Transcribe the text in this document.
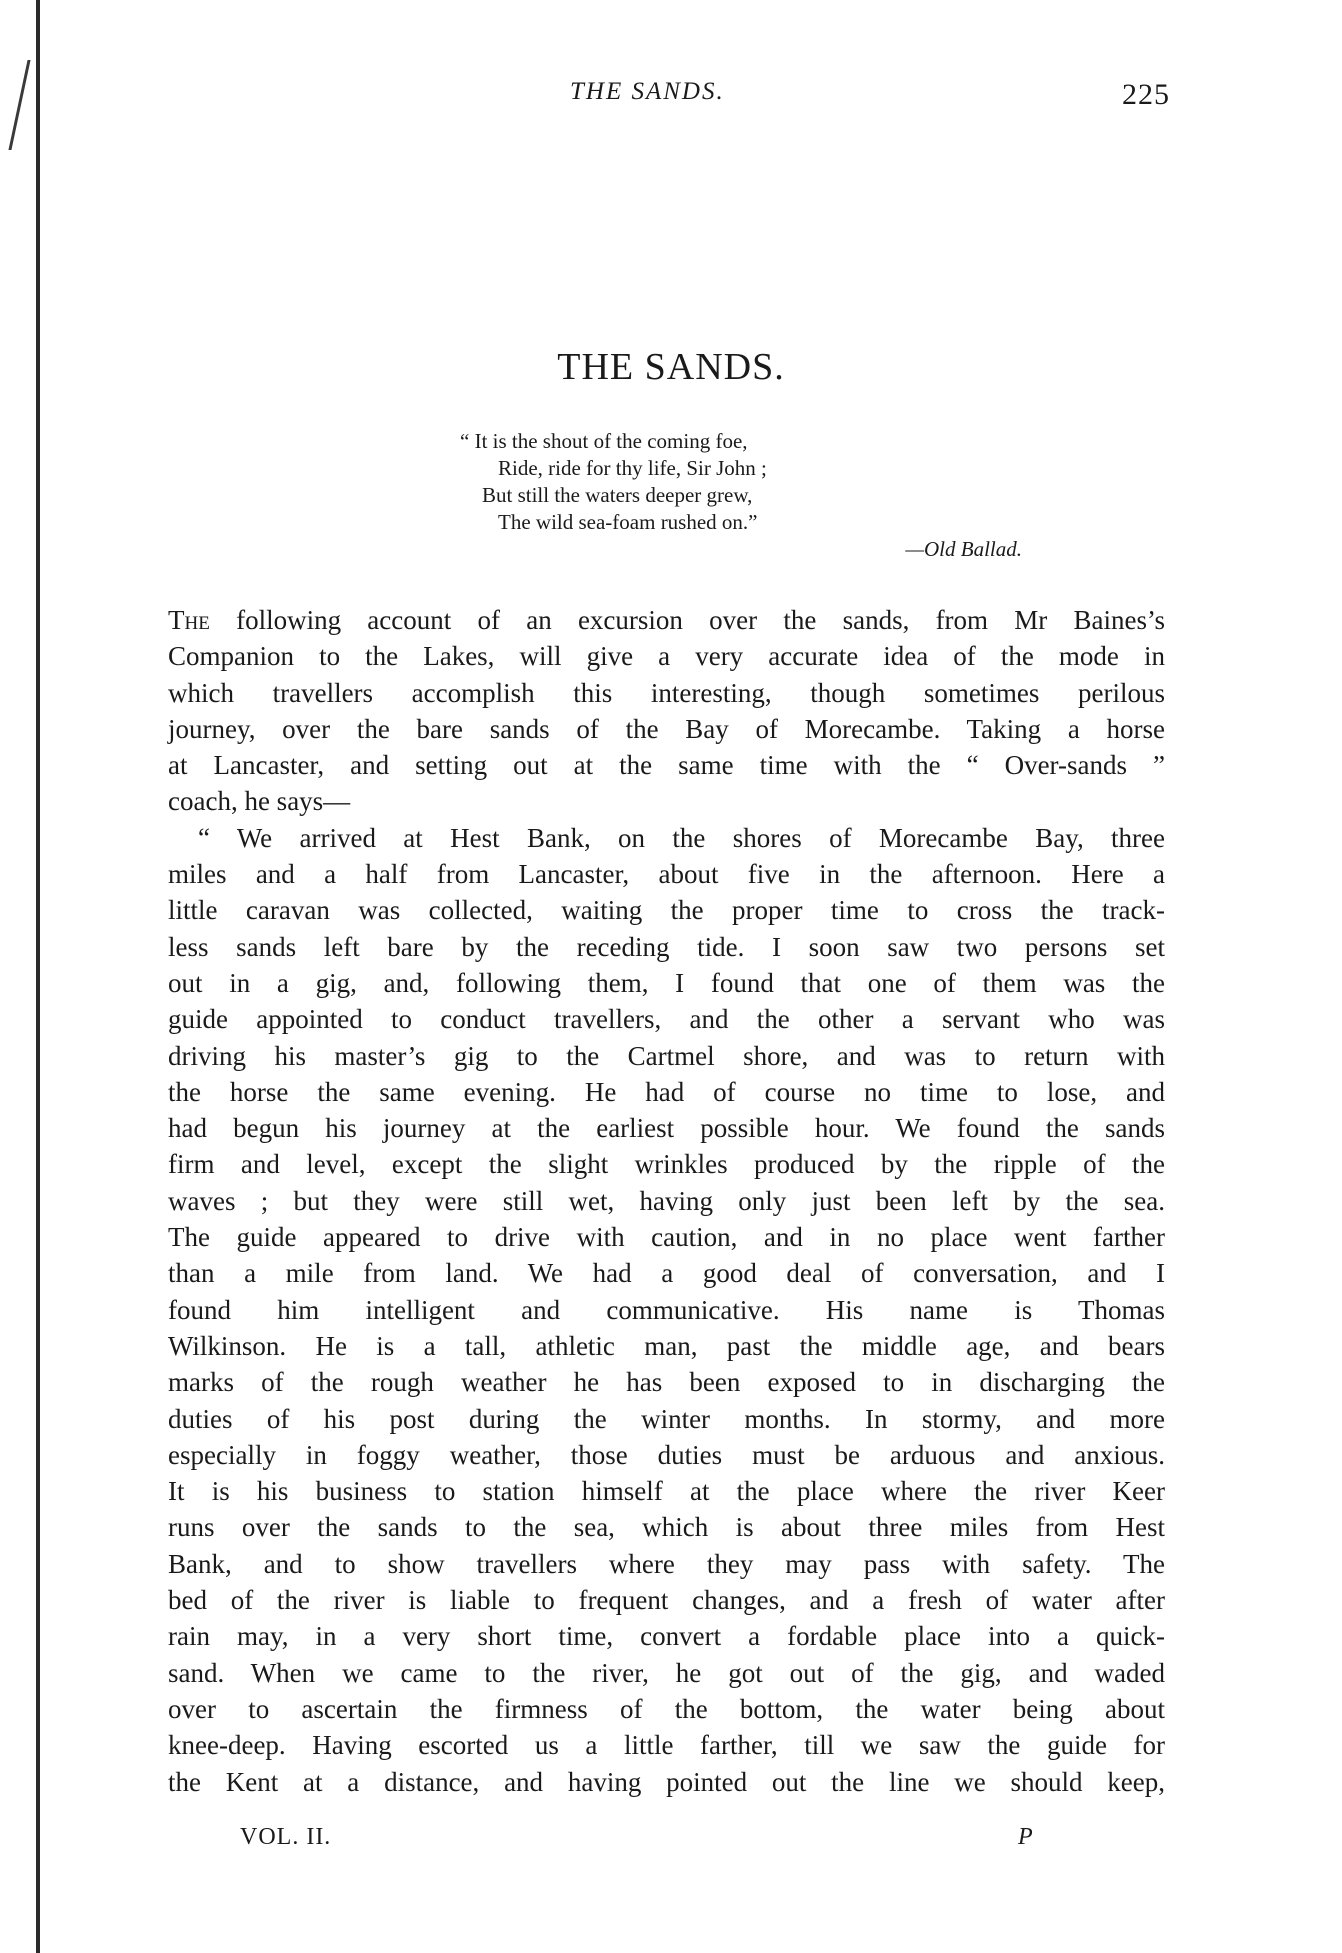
THE SANDS.	225
THE SANDS.
“ It is the shout of the coming foe,
Ride, ride for thy life, Sir John ;
But still the waters deeper grew,
The wild sea-foam rushed on.”
—Old Ballad.

The following account of an excursion over the sands, from Mr Baines’s

Companion to the Lakes, will give a very accurate idea of the mode in

which travellers accomplish this interesting, though sometimes perilous

journey, over the bare sands of the Bay of Morecambe. Taking a horse

at Lancaster, and setting out at the same time with the “ Over-sands ”

coach, he says—

“ We arrived at Hest Bank, on the shores of Morecambe Bay, three

miles and a half from Lancaster, about five in the afternoon. Here a

little caravan was collected, waiting the proper time to cross the track-

less sands left bare by the receding tide. I soon saw two persons set

out in a gig, and, following them, I found that one of them was the

guide appointed to conduct travellers, and the other a servant who was

driving his master’s gig to the Cartmel shore, and was to return with

the horse the same evening. He had of course no time to lose, and

had begun his journey at the earliest possible hour. We found the sands

firm and level, except the slight wrinkles produced by the ripple of the

waves ; but they were still wet, having only just been left by the sea.

The guide appeared to drive with caution, and in no place went farther

than a mile from land. We had a good deal of conversation, and I

found him intelligent and communicative. His name is Thomas

Wilkinson. He is a tall, athletic man, past the middle age, and bears

marks of the rough weather he has been exposed to in discharging the

duties of his post during the winter months. In stormy, and more

especially in foggy weather, those duties must be arduous and anxious.

It is his business to station himself at the place where the river Keer

runs over the sands to the sea, which is about three miles from Hest

Bank, and to show travellers where they may pass with safety. The

bed of the river is liable to frequent changes, and a fresh of water after

rain may, in a very short time, convert a fordable place into a quick-

sand. When we came to the river, he got out of the gig, and waded

over to ascertain the firmness of the bottom, the water being about

knee-deep. Having escorted us a little farther, till we saw the guide for

the Kent at a distance, and having pointed out the line we should keep,

VOL. II.	P
